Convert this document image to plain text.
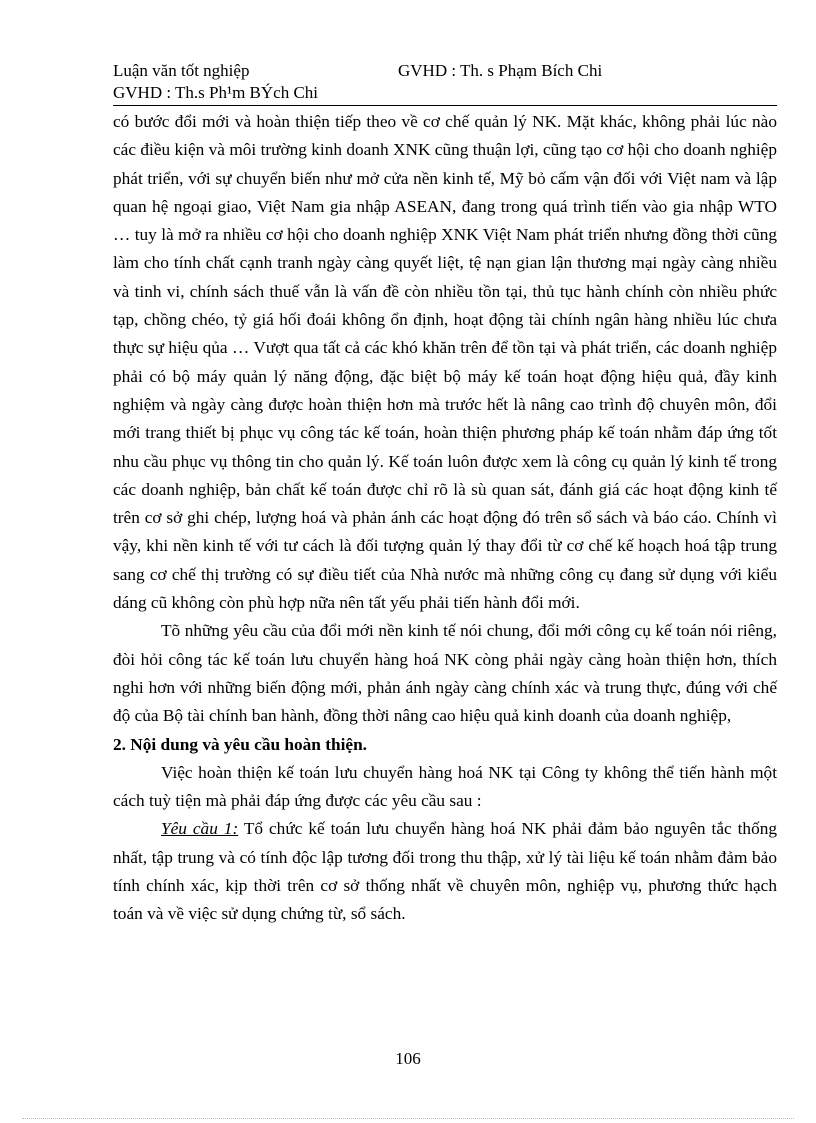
Luận văn tốt nghiệp	GVHD : Th. s Phạm Bích Chi
GVHD : Th.s Ph¹m BÝch Chi

có bước đổi mới và hoàn thiện tiếp theo về cơ chế quản lý NK. Mặt khác, không phải lúc nào các điều kiện và môi trường kinh doanh XNK cũng thuận lợi, cũng tạo cơ hội cho doanh nghiệp phát triển, với sự chuyển biến như mở cửa nền kinh tế, Mỹ bỏ cấm vận đối với Việt nam và lập quan hệ ngoại giao, Việt Nam gia nhập ASEAN, đang trong quá trình tiến vào gia nhập WTO … tuy là mở ra nhiều cơ hội cho doanh nghiệp XNK Việt Nam phát triển nhưng đồng thời cũng làm cho tính chất cạnh tranh ngày càng quyết liệt, tệ nạn gian lận thương mại ngày càng nhiều và tinh vi, chính sách thuế vẫn là vấn đề còn nhiều tồn tại, thủ tục hành chính còn nhiều phức tạp, chồng chéo, tỷ giá hối đoái không ổn định, hoạt động tài chính ngân hàng nhiều lúc chưa thực sự hiệu qủa … Vượt qua tất cả các khó khăn trên để tồn tại và phát triển, các doanh nghiệp phải có bộ máy quản lý năng động, đặc biệt bộ máy kế toán hoạt động hiệu quả, đầy kinh nghiệm và ngày càng được hoàn thiện hơn mà trước hết là nâng cao trình độ chuyên môn, đổi mới trang thiết bị phục vụ công tác kế toán, hoàn thiện phương pháp kế toán nhằm đáp ứng tốt nhu cầu phục vụ thông tin cho quản lý. Kế toán luôn được xem là công cụ quản lý kinh tế trong các doanh nghiệp, bản chất kế toán được chỉ rõ là sù quan sát, đánh giá các hoạt động kinh tế trên cơ sở ghi chép, lượng hoá và phản ánh các hoạt động đó trên sổ sách và báo cáo. Chính vì vậy, khi nền kinh tế với tư cách là đối tượng quản lý thay đổi từ cơ chế kế hoạch hoá tập trung sang cơ chế thị trường có sự điều tiết của Nhà nước mà những công cụ đang sử dụng với kiểu dáng cũ không còn phù hợp nữa nên tất yếu phải tiến hành đổi mới.

Tõ những yêu cầu của đổi mới nền kinh tế nói chung, đổi mới công cụ kế toán nói riêng, đòi hỏi công tác kế toán lưu chuyển hàng hoá NK còng phải ngày càng hoàn thiện hơn, thích nghi hơn với những biến động mới, phản ánh ngày càng chính xác và trung thực, đúng với chế độ của Bộ tài chính ban hành, đồng thời nâng cao hiệu quả kinh doanh của doanh nghiệp,

2. Nội dung và yêu cầu hoàn thiện.

Việc hoàn thiện kế toán lưu chuyển hàng hoá NK tại Công ty không thể tiến hành một cách tuỳ tiện mà phải đáp ứng được các yêu cầu sau :

Yêu cầu 1: Tổ chức kế toán lưu chuyển hàng hoá NK phải đảm bảo nguyên tắc thống nhất, tập trung và có tính độc lập tương đối trong thu thập, xử lý tài liệu kế toán nhằm đảm bảo tính chính xác, kịp thời trên cơ sở thống nhất về chuyên môn, nghiệp vụ, phương thức hạch toán và về việc sử dụng chứng từ, sổ sách.

106
